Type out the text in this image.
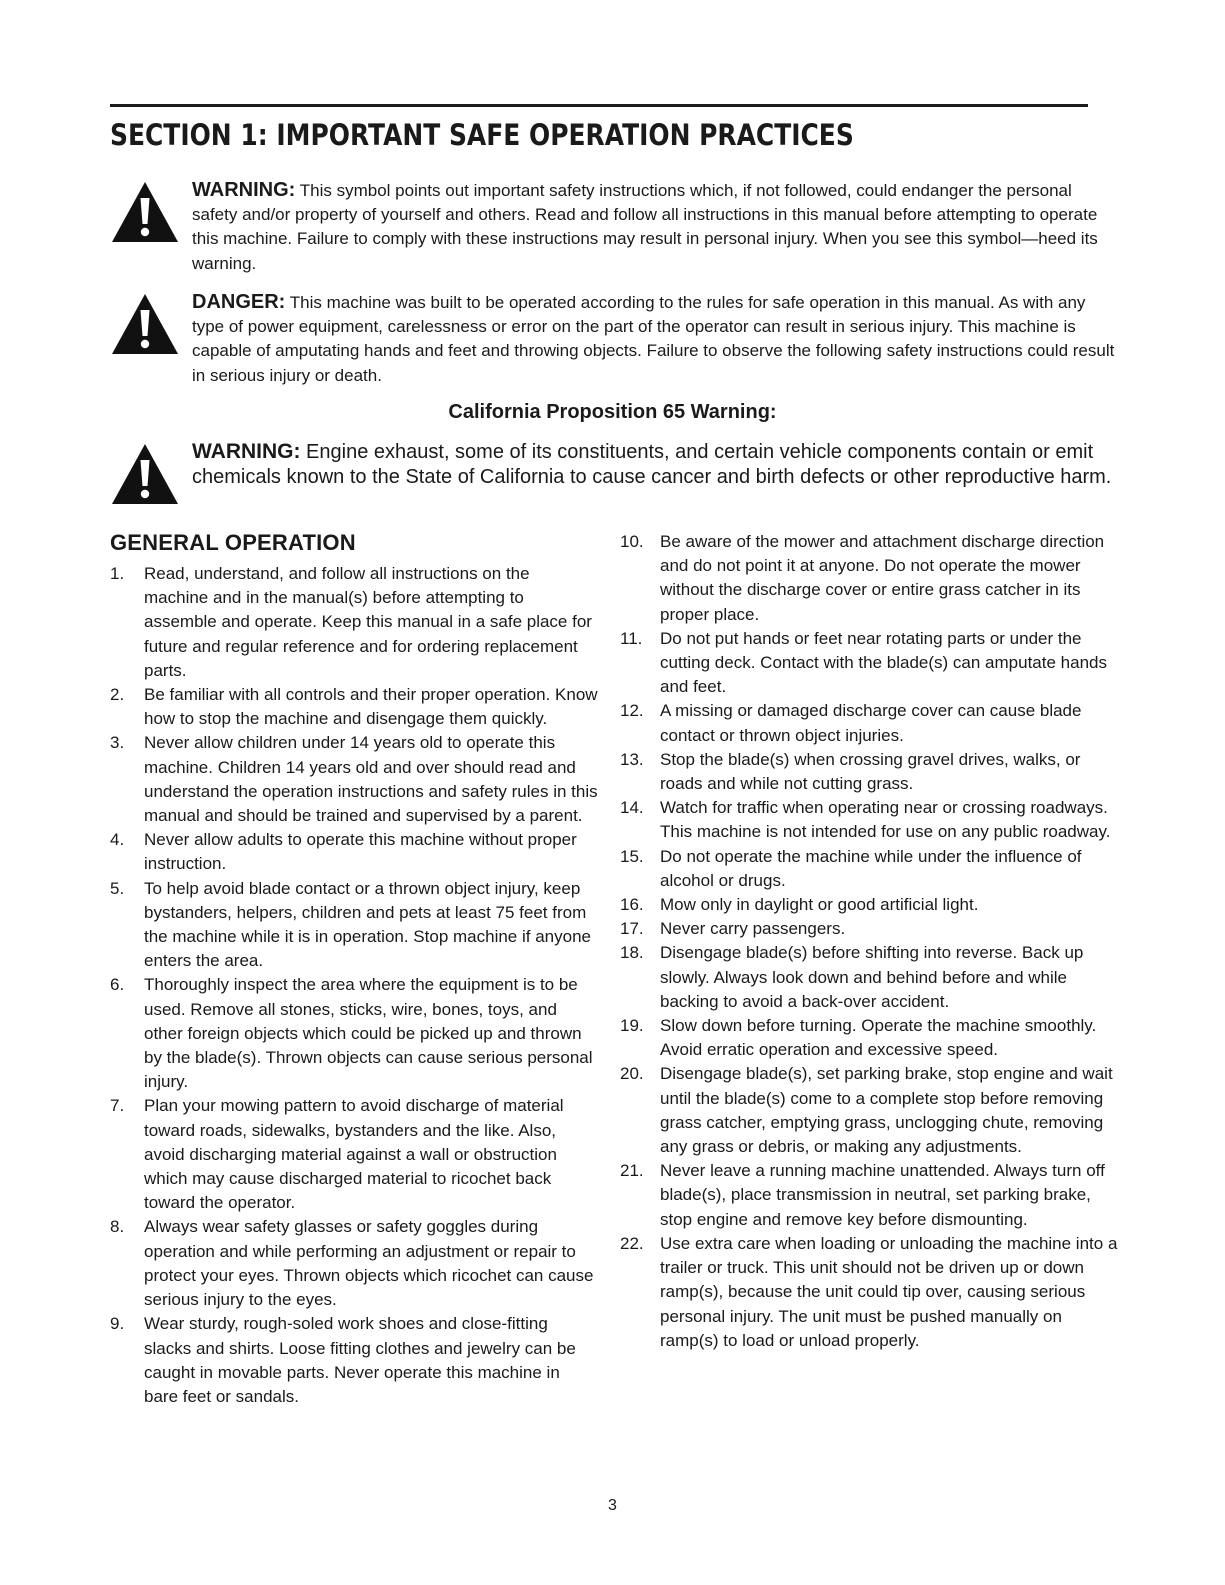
SECTION 1: IMPORTANT SAFE OPERATION PRACTICES

WARNING: This symbol points out important safety instructions which, if not followed, could endanger the personal safety and/or property of yourself and others. Read and follow all instructions in this manual before attempting to operate this machine. Failure to comply with these instructions may result in personal injury. When you see this symbol—heed its warning.

DANGER: This machine was built to be operated according to the rules for safe operation in this manual. As with any type of power equipment, carelessness or error on the part of the operator can result in serious injury. This machine is capable of amputating hands and feet and throwing objects. Failure to observe the following safety instructions could result in serious injury or death.

California Proposition 65 Warning:

WARNING: Engine exhaust, some of its constituents, and certain vehicle components contain or emit chemicals known to the State of California to cause cancer and birth defects or other reproductive harm.

GENERAL OPERATION
1. Read, understand, and follow all instructions on the machine and in the manual(s) before attempting to assemble and operate. Keep this manual in a safe place for future and regular reference and for ordering replacement parts.
2. Be familiar with all controls and their proper operation. Know how to stop the machine and disengage them quickly.
3. Never allow children under 14 years old to operate this machine. Children 14 years old and over should read and understand the operation instructions and safety rules in this manual and should be trained and supervised by a parent.
4. Never allow adults to operate this machine without proper instruction.
5. To help avoid blade contact or a thrown object injury, keep bystanders, helpers, children and pets at least 75 feet from the machine while it is in operation. Stop machine if anyone enters the area.
6. Thoroughly inspect the area where the equipment is to be used. Remove all stones, sticks, wire, bones, toys, and other foreign objects which could be picked up and thrown by the blade(s). Thrown objects can cause serious personal injury.
7. Plan your mowing pattern to avoid discharge of material toward roads, sidewalks, bystanders and the like. Also, avoid discharging material against a wall or obstruction which may cause discharged material to ricochet back toward the operator.
8. Always wear safety glasses or safety goggles during operation and while performing an adjustment or repair to protect your eyes. Thrown objects which ricochet can cause serious injury to the eyes.
9. Wear sturdy, rough-soled work shoes and close-fitting slacks and shirts. Loose fitting clothes and jewelry can be caught in movable parts. Never operate this machine in bare feet or sandals.
10. Be aware of the mower and attachment discharge direction and do not point it at anyone. Do not operate the mower without the discharge cover or entire grass catcher in its proper place.
11. Do not put hands or feet near rotating parts or under the cutting deck. Contact with the blade(s) can amputate hands and feet.
12. A missing or damaged discharge cover can cause blade contact or thrown object injuries.
13. Stop the blade(s) when crossing gravel drives, walks, or roads and while not cutting grass.
14. Watch for traffic when operating near or crossing roadways. This machine is not intended for use on any public roadway.
15. Do not operate the machine while under the influence of alcohol or drugs.
16. Mow only in daylight or good artificial light.
17. Never carry passengers.
18. Disengage blade(s) before shifting into reverse. Back up slowly. Always look down and behind before and while backing to avoid a back-over accident.
19. Slow down before turning. Operate the machine smoothly. Avoid erratic operation and excessive speed.
20. Disengage blade(s), set parking brake, stop engine and wait until the blade(s) come to a complete stop before removing grass catcher, emptying grass, unclogging chute, removing any grass or debris, or making any adjustments.
21. Never leave a running machine unattended. Always turn off blade(s), place transmission in neutral, set parking brake, stop engine and remove key before dismounting.
22. Use extra care when loading or unloading the machine into a trailer or truck. This unit should not be driven up or down ramp(s), because the unit could tip over, causing serious personal injury. The unit must be pushed manually on ramp(s) to load or unload properly.

3
